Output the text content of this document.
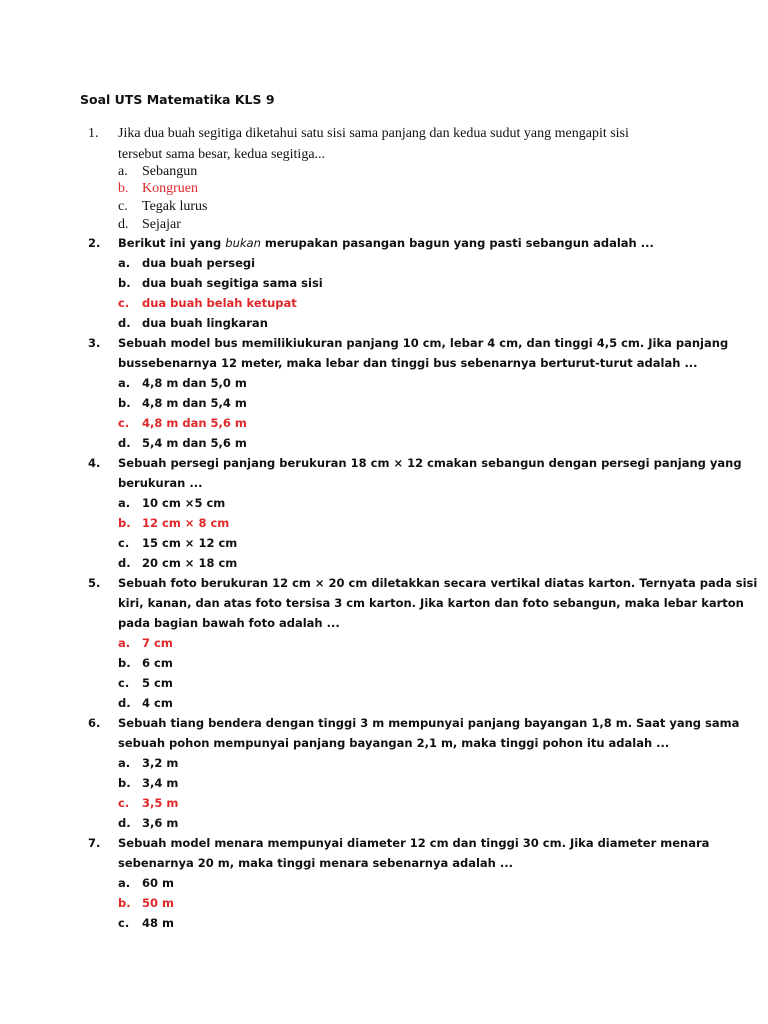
Soal UTS Matematika KLS 9
1. Jika dua buah segitiga diketahui satu sisi sama panjang dan kedua sudut yang mengapit sisi
tersebut sama besar, kedua segitiga...
a. Sebangun
b. Kongruen
c. Tegak lurus
d. Sejajar
2. Berikut ini yang bukan merupakan pasangan bagun yang pasti sebangun adalah ...
a. dua buah persegi
b. dua buah segitiga sama sisi
c. dua buah belah ketupat
d. dua buah lingkaran
3. Sebuah model bus memilikiukuran panjang 10 cm, lebar 4 cm, dan tinggi 4,5 cm. Jika panjang
bussebenarnya 12 meter, maka lebar dan tinggi bus sebenarnya berturut-turut adalah ...
a. 4,8 m dan 5,0 m
b. 4,8 m dan 5,4 m
c. 4,8 m dan 5,6 m
d. 5,4 m dan 5,6 m
4. Sebuah persegi panjang berukuran 18 cm × 12 cmakan sebangun dengan persegi panjang yang
berukuran ...
a. 10 cm ×5 cm
b. 12 cm × 8 cm
c. 15 cm × 12 cm
d. 20 cm × 18 cm
5. Sebuah foto berukuran 12 cm × 20 cm diletakkan secara vertikal diatas karton. Ternyata pada sisi
kiri, kanan, dan atas foto tersisa 3 cm karton. Jika karton dan foto sebangun, maka lebar karton
pada bagian bawah foto adalah ...
a. 7 cm
b. 6 cm
c. 5 cm
d. 4 cm
6. Sebuah tiang bendera dengan tinggi 3 m mempunyai panjang bayangan 1,8 m. Saat yang sama
sebuah pohon mempunyai panjang bayangan 2,1 m, maka tinggi pohon itu adalah ...
a. 3,2 m
b. 3,4 m
c. 3,5 m
d. 3,6 m
7. Sebuah model menara mempunyai diameter 12 cm dan tinggi 30 cm. Jika diameter menara
sebenarnya 20 m, maka tinggi menara sebenarnya adalah ...
a. 60 m
b. 50 m
c. 48 m
